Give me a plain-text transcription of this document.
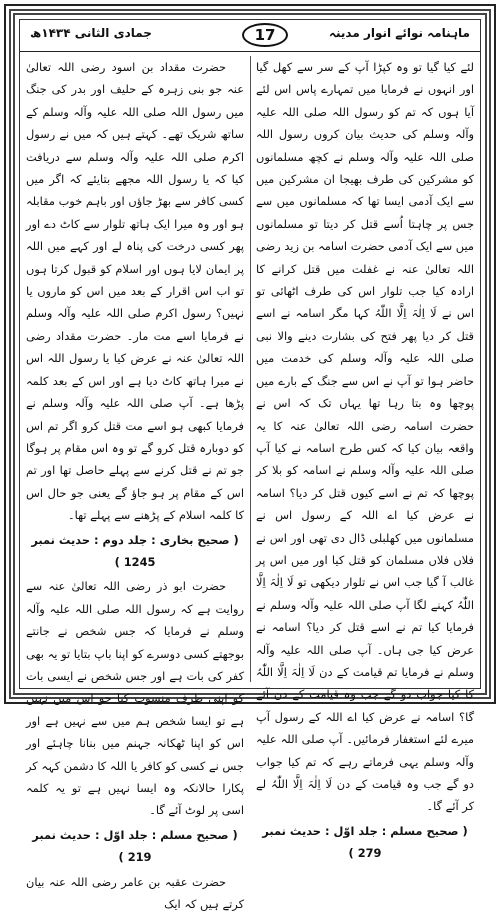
جمادی الثانی ۱۴۳۴ھ	17	ماہنامہ نوائے انوار مدینہ

لئے کیا گیا تو وہ کپڑا آپ کے سر سے کھل گیا اور انہوں نے فرمایا میں تمہارے پاس اس لئے آیا ہوں کہ تم کو رسول اللہ صلی اللہ علیہ وآلہ وسلم کی حدیث بیان کروں رسول اللہ صلی اللہ علیہ وآلہ وسلم نے کچھ مسلمانوں کو مشرکین کی طرف بھیجا ان مشرکین میں سے ایک آدمی ایسا تھا کہ مسلمانوں میں سے جس پر چاہتا اُسے قتل کر دیتا تو مسلمانوں میں سے ایک آدمی حضرت اسامہ بن زید رضی اللہ تعالیٰ عنہ نے غفلت میں قتل کرانے کا ارادہ کیا جب تلوار اس کی طرف اٹھائی تو اس نے لَا اِلٰہَ اِلَّا اللّٰہُ کہا مگر اسامہ نے اسے قتل کر دیا پھر فتح کی بشارت دینے والا نبی صلی اللہ علیہ وآلہ وسلم کی خدمت میں حاضر ہوا تو آپ نے اس سے جنگ کے بارے میں پوچھا وہ بتا رہا تھا یہاں تک کہ اس نے حضرت اسامہ رضی اللہ تعالیٰ عنہ کا یہ واقعہ بیان کیا کہ کس طرح اسامہ نے کیا آپ صلی اللہ علیہ وآلہ وسلم نے اسامہ کو بلا کر پوچھا کہ تم نے اسے کیوں قتل کر دیا؟ اسامہ نے عرض کیا اے اللہ کے رسول اس نے مسلمانوں میں کھلبلی ڈال دی تھی اور اس نے فلاں فلاں مسلمان کو قتل کیا اور میں اس پر غالب آ گیا جب اس نے تلوار دیکھی تو لَا اِلٰہَ اِلَّا اللّٰہُ کہنے لگا آپ صلی اللہ علیہ وآلہ وسلم نے فرمایا کیا تم نے اسے قتل کر دیا؟ اسامہ نے عرض کیا جی ہاں۔ آپ صلی اللہ علیہ وآلہ وسلم نے فرمایا تم قیامت کے دن لَا اِلٰہَ اِلَّا اللّٰہُ کا کیا جواب دو گے جب وہ قیامت کے دن آئے گا؟ اسامہ نے عرض کیا اے اللہ کے رسول آپ میرے لئے استغفار فرمائیں۔ آپ صلی اللہ علیہ وآلہ وسلم یہی فرماتے رہے کہ تم کیا جواب دو گے جب وہ قیامت کے دن لَا اِلٰہَ اِلَّا اللّٰہُ لے کر آئے گا۔

( صحیح مسلم : جلد اوّل : حدیث نمبر 279 )

حضرت مقداد بن اسود رضی اللہ تعالیٰ عنہ جو بنی زہرہ کے حلیف اور بدر کی جنگ میں رسول اللہ صلی اللہ علیہ وآلہ وسلم کے ساتھ شریک تھے۔ کہتے ہیں کہ میں نے رسول اکرم صلی اللہ علیہ وآلہ وسلم سے دریافت کیا کہ یا رسول اللہ مجھے بتایئے کہ اگر میں کسی کافر سے بھڑ جاؤں اور باہم خوب مقابلہ ہو اور وہ میرا ایک ہاتھ تلوار سے کاٹ دے اور پھر کسی درخت کی پناہ لے اور کہے میں اللہ پر ایمان لایا ہوں اور اسلام کو قبول کرتا ہوں تو اب اس اقرار کے بعد میں اس کو ماروں یا نہیں؟ رسول اکرم صلی اللہ علیہ وآلہ وسلم نے فرمایا اسے مت مار۔ حضرت مقداد رضی اللہ تعالیٰ عنہ نے عرض کیا یا رسول اللہ اس نے میرا ہاتھ کاٹ دیا ہے اور اس کے بعد کلمہ پڑھا ہے۔ آپ صلی اللہ علیہ وآلہ وسلم نے فرمایا کبھی ہو اسے مت قتل کرو اگر تم اس کو دوبارہ قتل کرو گے تو وہ اس مقام پر ہوگا جو تم نے قتل کرنے سے پہلے حاصل تھا اور تم اس کے مقام پر ہو جاؤ گے یعنی جو حال اس کا کلمہ اسلام کے پڑھنے سے پہلے تھا۔

( صحیح بخاری : جلد دوم : حدیث نمبر 1245 )

حضرت ابو ذر رضی اللہ تعالیٰ عنہ سے روایت ہے کہ رسول اللہ صلی اللہ علیہ وآلہ وسلم نے فرمایا کہ جس شخص نے جانتے بوجھتے کسی دوسرے کو اپنا باپ بتایا تو یہ بھی کفر کی بات ہے اور جس شخص نے ایسی بات کو اپنی طرف منسوب کیا جو اس میں نہیں ہے تو ایسا شخص ہم میں سے نہیں ہے اور اس کو اپنا ٹھکانہ جہنم میں بنانا چاہئے اور جس نے کسی کو کافر یا اللہ کا دشمن کہہ کر پکارا حالانکہ وہ ایسا نہیں ہے تو یہ کلمہ اسی پر لوٹ آئے گا۔

( صحیح مسلم : جلد اوّل : حدیث نمبر 219 )

حضرت عقبہ بن عامر رضی اللہ عنہ بیان کرتے ہیں کہ ایک
